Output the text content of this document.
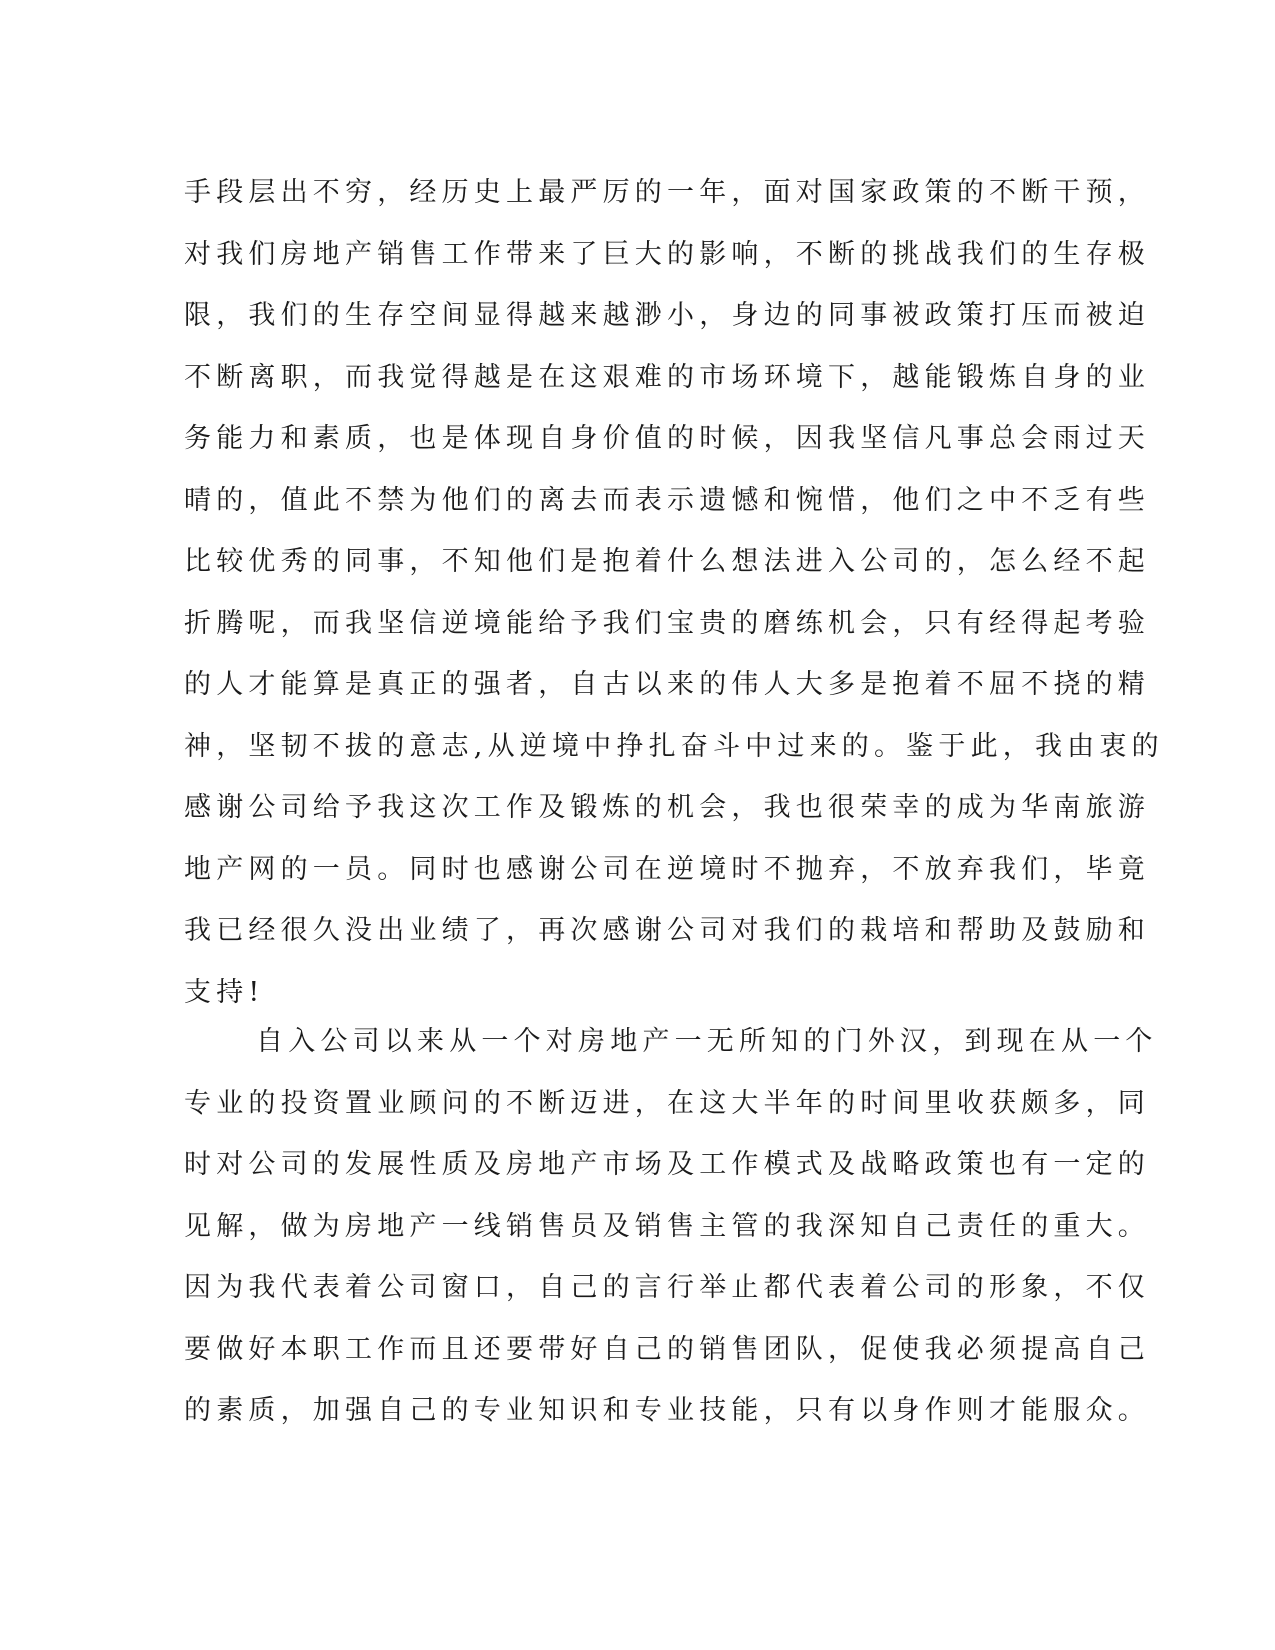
手段层出不穷，经历史上最严厉的一年，面对国家政策的不断干预，
对我们房地产销售工作带来了巨大的影响，不断的挑战我们的生存极
限，我们的生存空间显得越来越渺小，身边的同事被政策打压而被迫
不断离职，而我觉得越是在这艰难的市场环境下，越能锻炼自身的业
务能力和素质，也是体现自身价值的时候，因我坚信凡事总会雨过天
晴的，值此不禁为他们的离去而表示遗憾和惋惜，他们之中不乏有些
比较优秀的同事，不知他们是抱着什么想法进入公司的，怎么经不起
折腾呢，而我坚信逆境能给予我们宝贵的磨练机会，只有经得起考验
的人才能算是真正的强者，自古以来的伟人大多是抱着不屈不挠的精
神，坚韧不拔的意志,从逆境中挣扎奋斗中过来的。鉴于此，我由衷的
感谢公司给予我这次工作及锻炼的机会，我也很荣幸的成为华南旅游
地产网的一员。同时也感谢公司在逆境时不抛弃，不放弃我们，毕竟
我已经很久没出业绩了，再次感谢公司对我们的栽培和帮助及鼓励和
支持!
自入公司以来从一个对房地产一无所知的门外汉，到现在从一个
专业的投资置业顾问的不断迈进，在这大半年的时间里收获颇多，同
时对公司的发展性质及房地产市场及工作模式及战略政策也有一定的
见解，做为房地产一线销售员及销售主管的我深知自己责任的重大。
因为我代表着公司窗口，自己的言行举止都代表着公司的形象，不仅
要做好本职工作而且还要带好自己的销售团队，促使我必须提高自己
的素质，加强自己的专业知识和专业技能，只有以身作则才能服众。
